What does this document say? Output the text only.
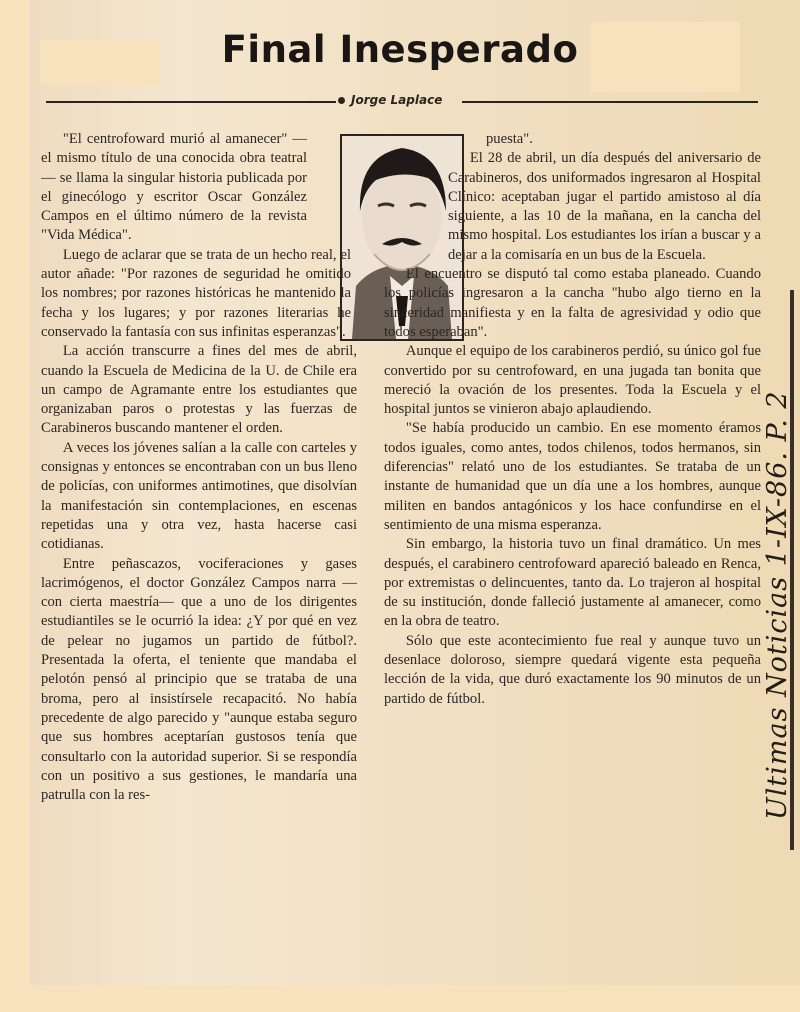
Final Inesperado
Jorge Laplace

"El centrofoward murió al amanecer" —el mismo título de una conocida obra teatral— se llama la singular historia publicada por el ginecólogo y escritor Oscar González Campos en el último número de la revista "Vida Médica".

Luego de aclarar que se trata de un hecho real, el autor añade: "Por razones de seguridad he omitido los nombres; por razones históricas he mantenido la fecha y los lugares; y por razones literarias he conservado la fantasía con sus infinitas esperanzas".

La acción transcurre a fines del mes de abril, cuando la Escuela de Medicina de la U. de Chile era un campo de Agramante entre los estudiantes que organizaban paros o protestas y las fuerzas de Carabineros buscando mantener el orden.

A veces los jóvenes salían a la calle con carteles y consignas y entonces se encontraban con un bus lleno de policías, con uniformes antimotines, que disolvían la manifestación sin contemplaciones, en escenas repetidas una y otra vez, hasta hacerse casi cotidianas.

Entre peñascazos, vociferaciones y gases lacrimógenos, el doctor González Campos narra —con cierta maestría— que a uno de los dirigentes estudiantiles se le ocurrió la idea: ¿Y por qué en vez de pelear no jugamos un partido de fútbol?. Presentada la oferta, el teniente que mandaba el pelotón pensó al principio que se trataba de una broma, pero al insistírsele recapacitó. No había precedente de algo parecido y "aunque estaba seguro que sus hombres aceptarían gustosos tenía que consultarlo con la autoridad superior. Si se respondía con un positivo a sus gestiones, le mandaría una patrulla con la res-

puesta".

El 28 de abril, un día después del aniversario de Carabineros, dos uniformados ingresaron al Hospital Clínico: aceptaban jugar el partido amistoso al día siguiente, a las 10 de la mañana, en la cancha del mismo hospital. Los estudiantes los irían a buscar y a dejar a la comisaría en un bus de la Escuela.

El encuentro se disputó tal como estaba planeado. Cuando los policías ingresaron a la cancha "hubo algo tierno en la sinceridad manifiesta y en la falta de agresividad y odio que todos esperaban".

Aunque el equipo de los carabineros perdió, su único gol fue convertido por su centrofoward, en una jugada tan bonita que mereció la ovación de los presentes. Toda la Escuela y el hospital juntos se vinieron abajo aplaudiendo.

"Se había producido un cambio. En ese momento éramos todos iguales, como antes, todos chilenos, todos hermanos, sin diferencias" relató uno de los estudiantes. Se trataba de un instante de humanidad que un día une a los hombres, aunque militen en bandos antagónicos y los hace confundirse en el sentimiento de una misma esperanza.

Sin embargo, la historia tuvo un final dramático. Un mes después, el carabinero centrofoward apareció baleado en Renca, por extremistas o delincuentes, tanto da. Lo trajeron al hospital de su institución, donde falleció justamente al amanecer, como en la obra de teatro.

Sólo que este acontecimiento fue real y aunque tuvo un desenlace doloroso, siempre quedará vigente esta pequeña lección de la vida, que duró exactamente los 90 minutos de un partido de fútbol.	Ultimas Noticias 1-IX-86. P. 2
